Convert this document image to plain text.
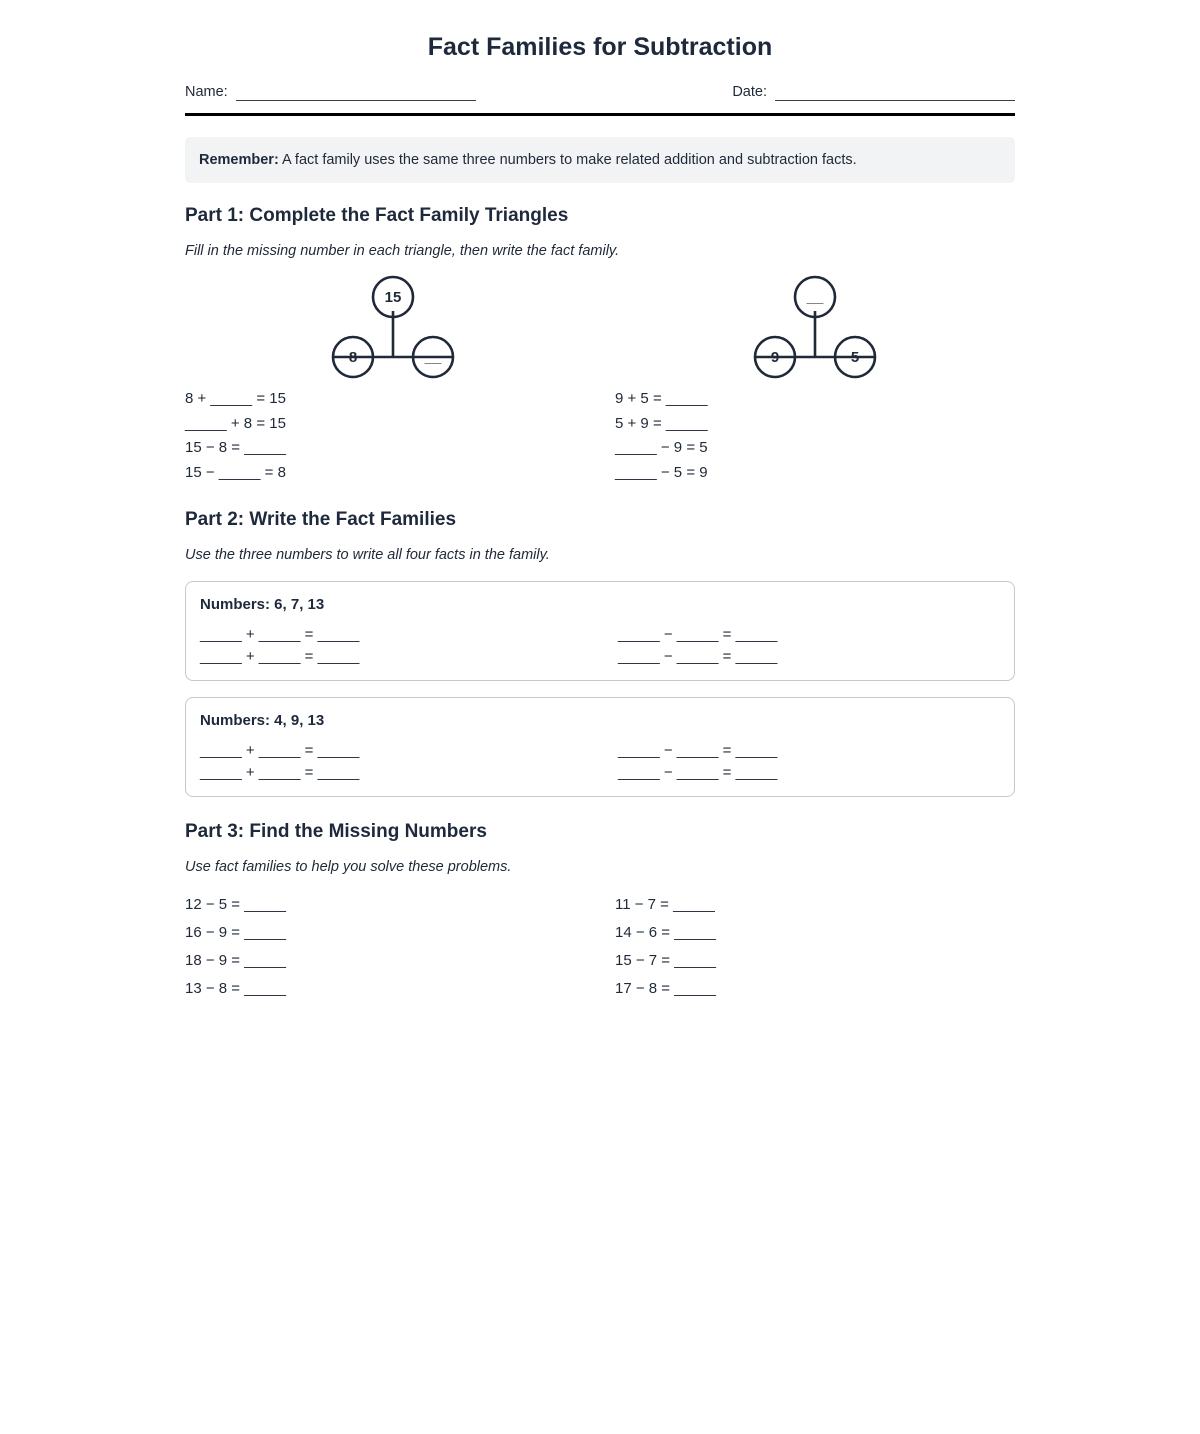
Fact Families for Subtraction
Name:	Date:
Remember: A fact family uses the same three numbers to make related addition and subtraction facts.
Part 1: Complete the Fact Family Triangles

Fill in the missing number in each triangle, then write the fact family.

15
8	__
__
9	5
8 + _____ = 15
_____ + 8 = 15
15 − 8 = _____
15 − _____ = 8
9 + 5 = _____
5 + 9 = _____
_____ − 9 = 5
_____ − 5 = 9
Part 2: Write the Fact Families

Use the three numbers to write all four facts in the family.

Numbers: 6, 7, 13
_____ + _____ = _____
_____ + _____ = _____
_____ − _____ = _____
_____ − _____ = _____
Numbers: 4, 9, 13
_____ + _____ = _____
_____ + _____ = _____
_____ − _____ = _____
_____ − _____ = _____
Part 3: Find the Missing Numbers

Use fact families to help you solve these problems.

12 − 5 = _____
16 − 9 = _____
18 − 9 = _____
13 − 8 = _____
11 − 7 = _____
14 − 6 = _____
15 − 7 = _____
17 − 8 = _____
